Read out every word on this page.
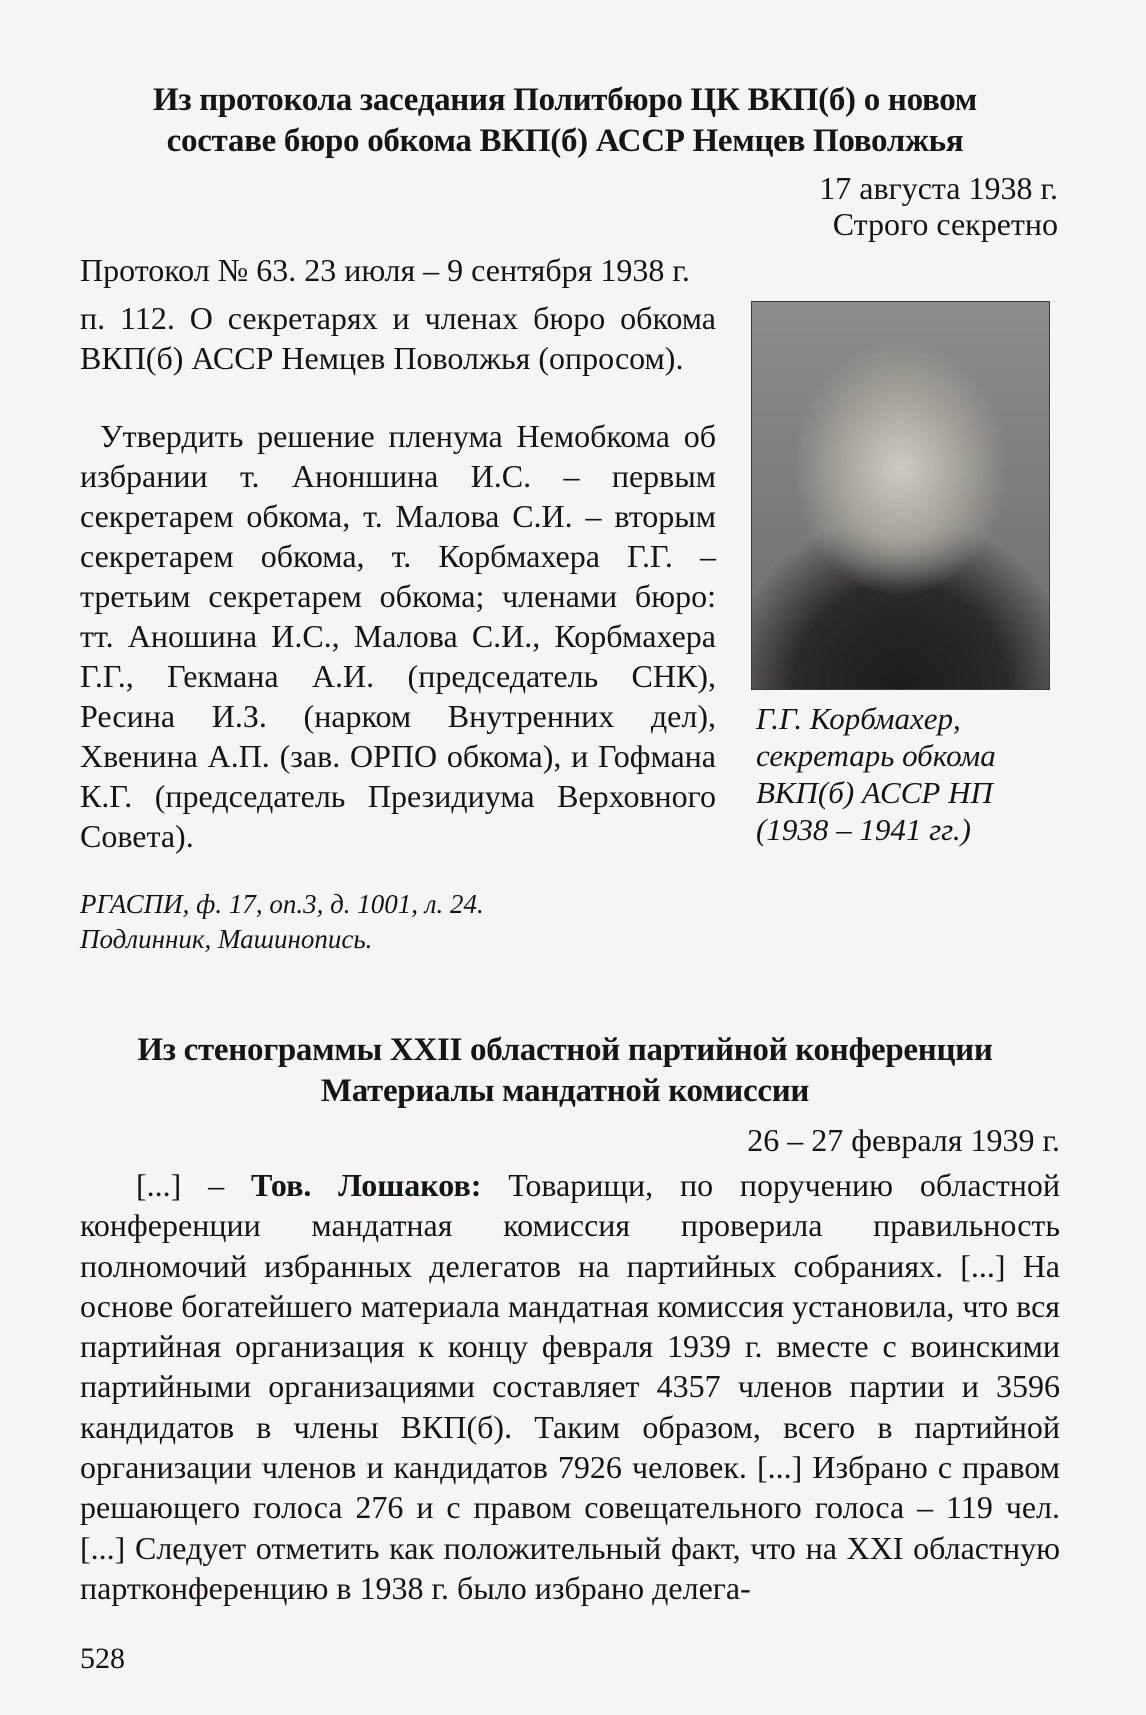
Из протокола заседания Политбюро ЦК ВКП(б) о новом
составе бюро обкома ВКП(б) АССР Немцев Поволжья
17 августа 1938 г.
Строго секретно
Протокол № 63. 23 июля – 9 сентября 1938 г.
п. 112. О секретарях и членах бюро обкома ВКП(б) АССР Немцев Поволжья (опросом).
Утвердить решение пленума Немобкома об избрании т. Аноншина И.С. – первым секретарем обкома, т. Малова С.И. – вторым секретарем обкома, т. Корбмахера Г.Г. – третьим секретарем обкома; членами бюро: тт. Аношина И.С., Малова С.И., Корбмахера Г.Г., Гекмана А.И. (председатель СНК), Ресина И.З. (нарком Внутренних дел), Хвенина А.П. (зав. ОРПО обкома), и Гофмана К.Г. (председатель Президиума Верховного Совета).
Г.Г. Корбмахер,
секретарь обкома
ВКП(б) АССР НП
(1938 – 1941 гг.)
РГАСПИ, ф. 17, оп.3, д. 1001, л. 24.
Подлинник, Машинопись.
Из стенограммы XXII областной партийной конференции
Материалы мандатной комиссии
26 – 27 февраля 1939 г.
[...] – Тов. Лошаков: Товарищи, по поручению областной конференции мандатная комиссия проверила правильность полномочий избранных делегатов на партийных собраниях. [...] На основе богатейшего материала мандатная комиссия установила, что вся партийная организация к концу февраля 1939 г. вместе с воинскими партийными организациями составляет 4357 членов партии и 3596 кандидатов в члены ВКП(б). Таким образом, всего в партийной организации членов и кандидатов 7926 человек. [...] Избрано с правом решающего голоса 276 и с правом совещательного голоса – 119 чел. [...] Следует отметить как положительный факт, что на XXI областную партконференцию в 1938 г. было избрано делега-
528
